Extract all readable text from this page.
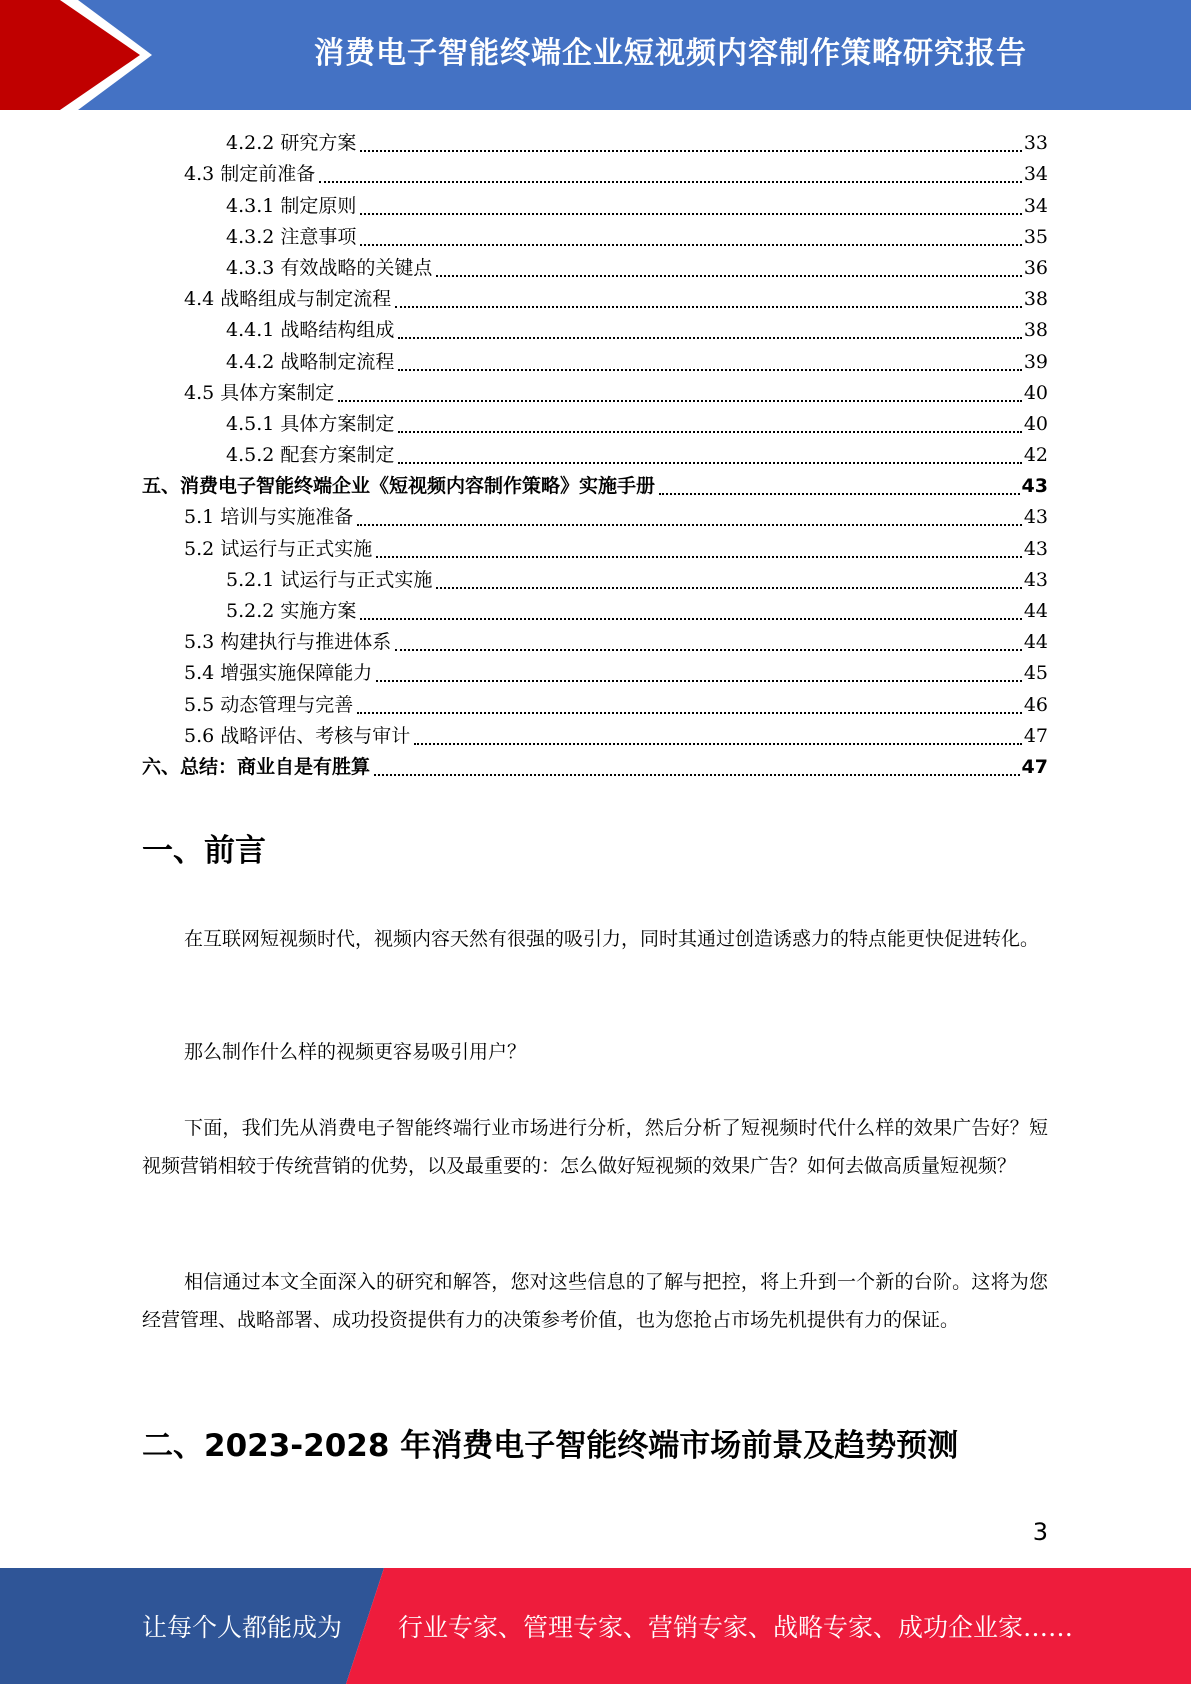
消费电子智能终端企业短视频内容制作策略研究报告
4.2.2 研究方案	33
4.3 制定前准备	34
4.3.1 制定原则	34
4.3.2 注意事项	35
4.3.3 有效战略的关键点	36
4.4 战略组成与制定流程	38
4.4.1 战略结构组成	38
4.4.2 战略制定流程	39
4.5 具体方案制定	40
4.5.1 具体方案制定	40
4.5.2 配套方案制定	42
五、消费电子智能终端企业《短视频内容制作策略》实施手册	43
5.1 培训与实施准备	43
5.2 试运行与正式实施	43
5.2.1 试运行与正式实施	43
5.2.2 实施方案	44
5.3 构建执行与推进体系	44
5.4 增强实施保障能力	45
5.5 动态管理与完善	46
5.6 战略评估、考核与审计	47
六、总结：商业自是有胜算	47
一、前言

在互联网短视频时代，视频内容天然有很强的吸引力，同时其通过创造诱惑力的特点能更快促进转化。

那么制作什么样的视频更容易吸引用户？

下面，我们先从消费电子智能终端行业市场进行分析，然后分析了短视频时代什么样的效果广告好？短视频营销相较于传统营销的优势，以及最重要的：怎么做好短视频的效果广告？如何去做高质量短视频？

相信通过本文全面深入的研究和解答，您对这些信息的了解与把控，将上升到一个新的台阶。这将为您经营管理、战略部署、成功投资提供有力的决策参考价值，也为您抢占市场先机提供有力的保证。

二、2023-2028 年消费电子智能终端市场前景及趋势预测
3
让每个人都能成为 行业专家、管理专家、营销专家、战略专家、成功企业家……
